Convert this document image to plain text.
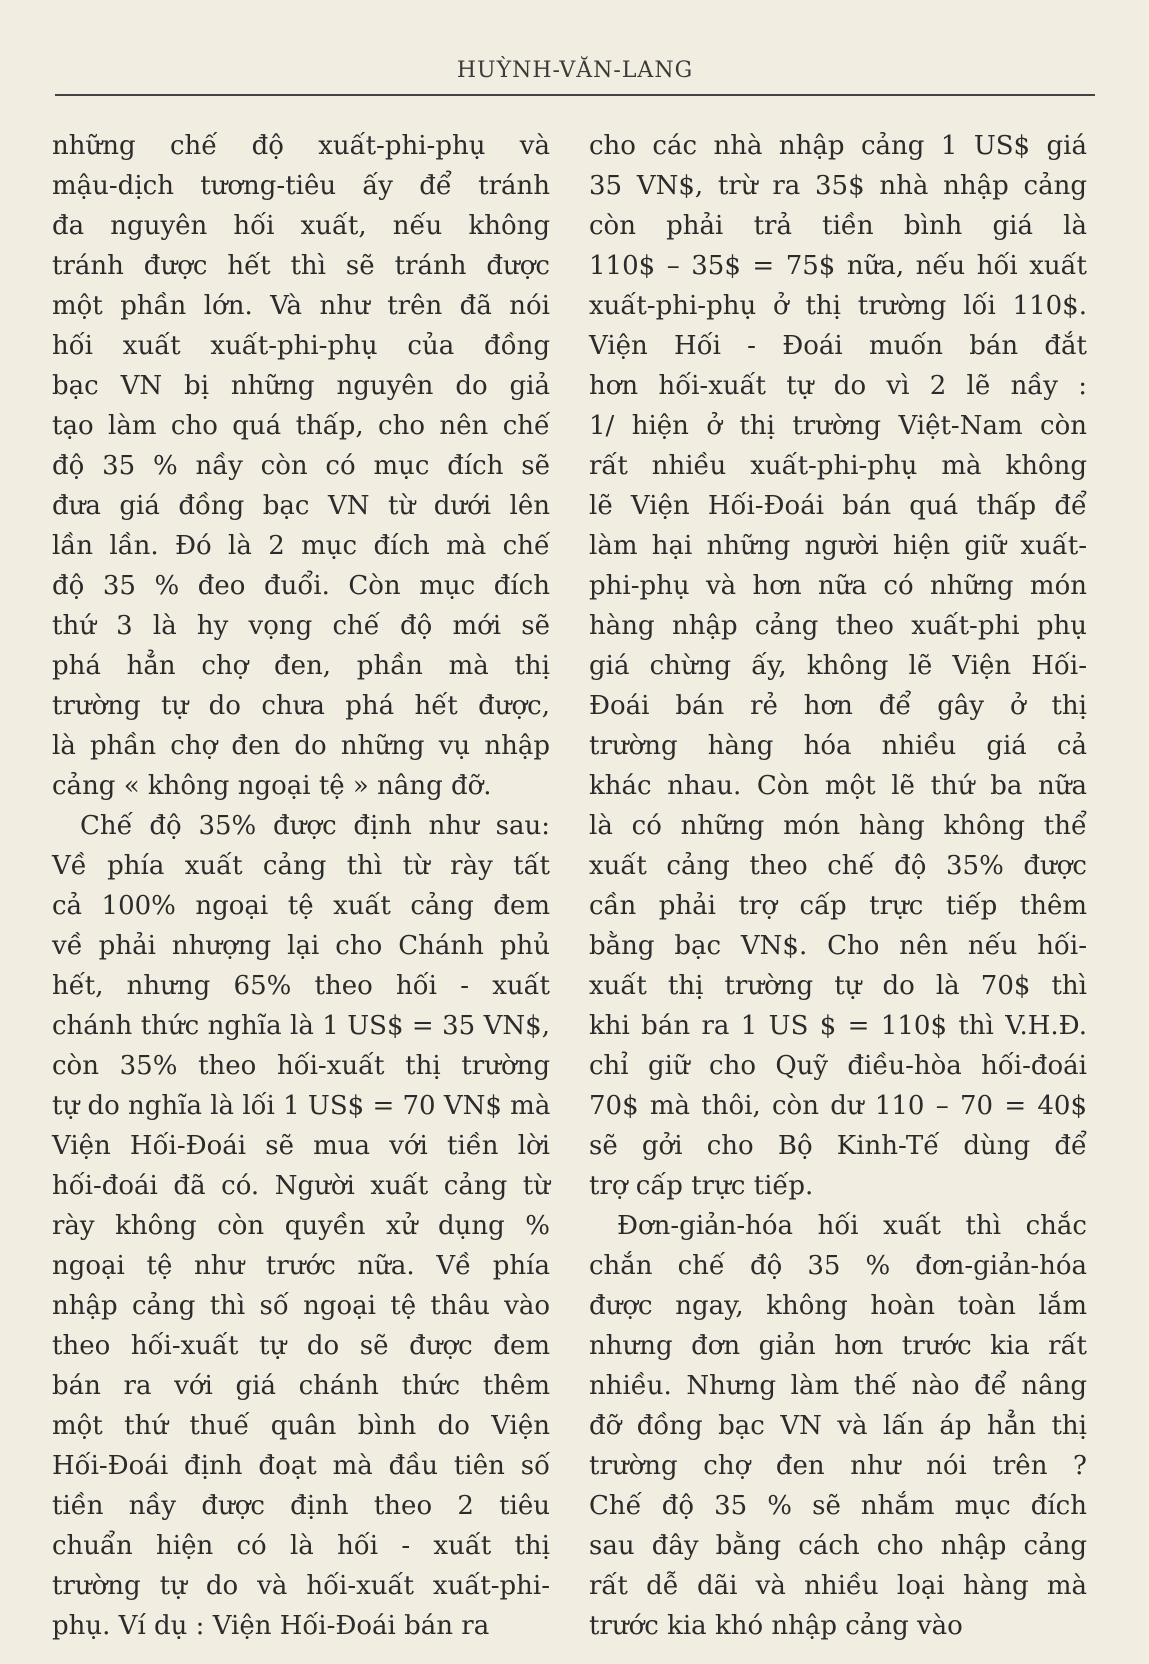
HUỲNH-VĂN-LANG
những chế độ xuất-phi-phụ và
mậu-dịch tương-tiêu ấy để tránh
đa nguyên hối xuất, nếu không
tránh được hết thì sẽ tránh được
một phần lớn. Và như trên đã nói
hối xuất xuất-phi-phụ của đồng
bạc VN bị những nguyên do giả
tạo làm cho quá thấp, cho nên chế
độ 35 % nầy còn có mục đích sẽ
đưa giá đồng bạc VN từ dưới lên
lần lần. Đó là 2 mục đích mà chế
độ 35 % đeo đuổi. Còn mục đích
thứ 3 là hy vọng chế độ mới sẽ
phá hẳn chợ đen, phần mà thị
trường tự do chưa phá hết được,
là phần chợ đen do những vụ nhập
cảng « không ngoại tệ » nâng đỡ.
Chế độ 35% được định như sau:
Về phía xuất cảng thì từ rày tất
cả 100% ngoại tệ xuất cảng đem
về phải nhượng lại cho Chánh phủ
hết, nhưng 65% theo hối - xuất
chánh thức nghĩa là 1 US$ = 35 VN$,
còn 35% theo hối-xuất thị trường
tự do nghĩa là lối 1 US$ = 70 VN$ mà
Viện Hối-Đoái sẽ mua với tiền lời
hối-đoái đã có. Người xuất cảng từ
rày không còn quyền xử dụng %
ngoại tệ như trước nữa. Về phía
nhập cảng thì số ngoại tệ thâu vào
theo hối-xuất tự do sẽ được đem
bán ra với giá chánh thức thêm
một thứ thuế quân bình do Viện
Hối-Đoái định đoạt mà đầu tiên số
tiền nầy được định theo 2 tiêu
chuẩn hiện có là hối - xuất thị
trường tự do và hối-xuất xuất-phi-
phụ. Ví dụ : Viện Hối-Đoái bán ra
cho các nhà nhập cảng 1 US$ giá
35 VN$, trừ ra 35$ nhà nhập cảng
còn phải trả tiền bình giá là
110$ – 35$ = 75$ nữa, nếu hối xuất
xuất-phi-phụ ở thị trường lối 110$.
Viện Hối - Đoái muốn bán đắt
hơn hối-xuất tự do vì 2 lẽ nầy :
1/ hiện ở thị trường Việt-Nam còn
rất nhiều xuất-phi-phụ mà không
lẽ Viện Hối-Đoái bán quá thấp để
làm hại những người hiện giữ xuất-
phi-phụ và hơn nữa có những món
hàng nhập cảng theo xuất-phi phụ
giá chừng ấy, không lẽ Viện Hối-
Đoái bán rẻ hơn để gây ở thị
trường hàng hóa nhiều giá cả
khác nhau. Còn một lẽ thứ ba nữa
là có những món hàng không thể
xuất cảng theo chế độ 35% được
cần phải trợ cấp trực tiếp thêm
bằng bạc VN$. Cho nên nếu hối-
xuất thị trường tự do là 70$ thì
khi bán ra 1 US $ = 110$ thì V.H.Đ.
chỉ giữ cho Quỹ điều-hòa hối-đoái
70$ mà thôi, còn dư 110 – 70 = 40$
sẽ gởi cho Bộ Kinh-Tế dùng để
trợ cấp trực tiếp.
Đơn-giản-hóa hối xuất thì chắc
chắn chế độ 35 % đơn-giản-hóa
được ngay, không hoàn toàn lắm
nhưng đơn giản hơn trước kia rất
nhiều. Nhưng làm thế nào để nâng
đỡ đồng bạc VN và lấn áp hẳn thị
trường chợ đen như nói trên ?
Chế độ 35 % sẽ nhắm mục đích
sau đây bằng cách cho nhập cảng
rất dễ dãi và nhiều loại hàng mà
trước kia khó nhập cảng vào
